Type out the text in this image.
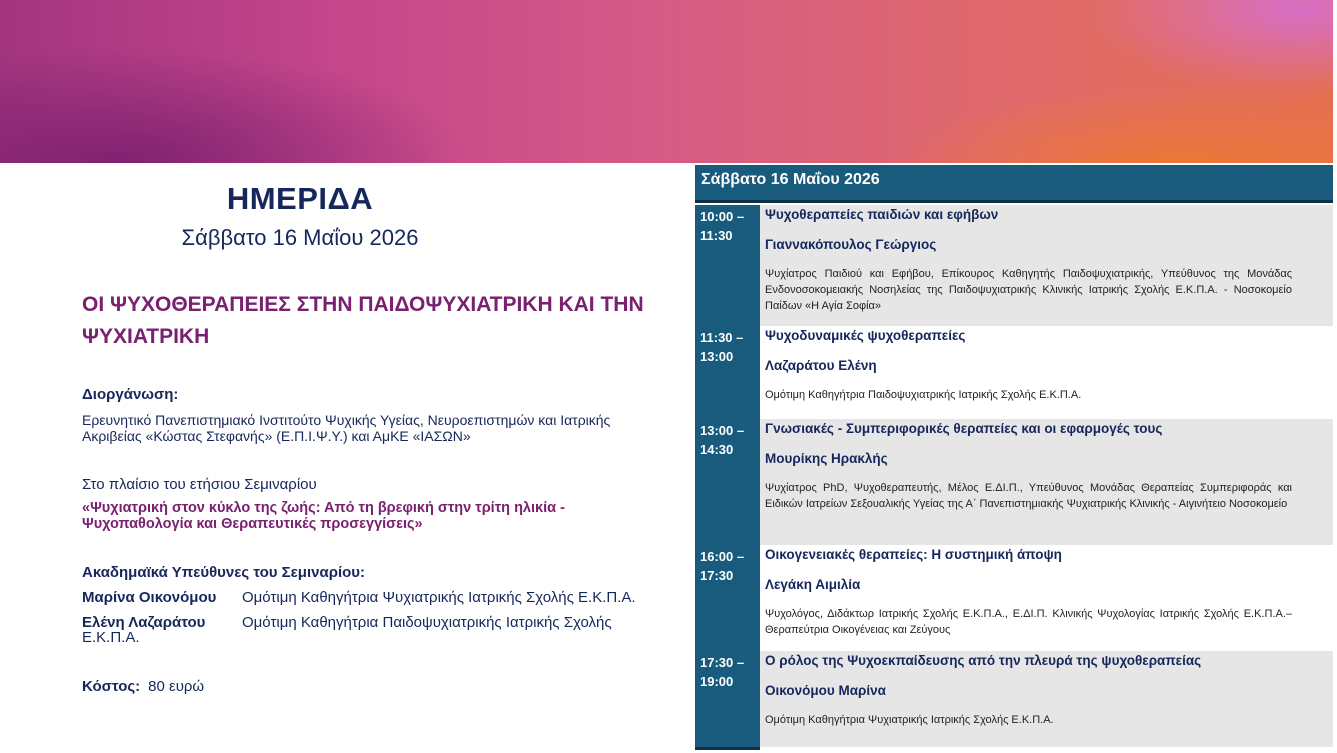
ΗΜΕΡΙΔΑ
Σάββατο 16 Μαΐου 2026
ΟΙ ΨΥΧΟΘΕΡΑΠΕΙΕΣ ΣΤΗΝ ΠΑΙΔΟΨΥΧΙΑΤΡΙΚΗ ΚΑΙ ΤΗΝ ΨΥΧΙΑΤΡΙΚΗ
Διοργάνωση:
Ερευνητικό Πανεπιστημιακό Ινστιτούτο Ψυχικής Υγείας, Νευροεπιστημών και Ιατρικής Ακριβείας «Κώστας Στεφανής» (Ε.Π.Ι.Ψ.Υ.) και ΑμΚΕ «ΙΑΣΩΝ»
Στο πλαίσιο του ετήσιου Σεμιναρίου
«Ψυχιατρική στον κύκλο της ζωής: Από τη βρεφική στην τρίτη ηλικία - Ψυχοπαθολογία και Θεραπευτικές προσεγγίσεις»
Ακαδημαϊκά Υπεύθυνες του Σεμιναρίου:
Μαρίνα Οικονόμου Ομότιμη Καθηγήτρια Ψυχιατρικής Ιατρικής Σχολής Ε.Κ.Π.Α.
Ελένη Λαζαράτου Ομότιμη Καθηγήτρια Παιδοψυχιατρικής Ιατρικής Σχολής
Ε.Κ.Π.Α.
Κόστος: 80 ευρώ
Σάββατο 16 Μαΐου 2026
10:00 – 11:30
Ψυχοθεραπείες παιδιών και εφήβων
Γιαννακόπουλος Γεώργιος
Ψυχίατρος Παιδιού και Εφήβου, Επίκουρος Καθηγητής Παιδοψυχιατρικής, Υπεύθυνος της Μονάδας Ενδονοσοκομειακής Νοσηλείας της Παιδοψυχιατρικής Κλινικής Ιατρικής Σχολής Ε.Κ.Π.Α. - Νοσοκομείο Παίδων «Η Αγία Σοφία»
11:30 – 13:00
Ψυχοδυναμικές ψυχοθεραπείες
Λαζαράτου Ελένη
Ομότιμη Καθηγήτρια Παιδοψυχιατρικής Ιατρικής Σχολής Ε.Κ.Π.Α.
13:00 – 14:30
Γνωσιακές - Συμπεριφορικές θεραπείες και οι εφαρμογές τους
Μουρίκης Ηρακλής
Ψυχίατρος PhD, Ψυχοθεραπευτής, Μέλος Ε.ΔΙ.Π., Υπεύθυνος Μονάδας Θεραπείας Συμπεριφοράς και Ειδικών Ιατρείων Σεξουαλικής Υγείας της Α΄ Πανεπιστημιακής Ψυχιατρικής Κλινικής - Αιγινήτειο Νοσοκομείο
16:00 – 17:30
Οικογενειακές θεραπείες: Η συστημική άποψη
Λεγάκη Αιμιλία
Ψυχολόγος, Διδάκτωρ Ιατρικής Σχολής Ε.Κ.Π.Α., Ε.ΔΙ.Π. Κλινικής Ψυχολογίας Ιατρικής Σχολής Ε.Κ.Π.Α.– Θεραπεύτρια Οικογένειας και Ζεύγους
17:30 – 19:00
Ο ρόλος της Ψυχοεκπαίδευσης από την πλευρά της ψυχοθεραπείας
Οικονόμου Μαρίνα
Ομότιμη Καθηγήτρια Ψυχιατρικής Ιατρικής Σχολής Ε.Κ.Π.Α.
